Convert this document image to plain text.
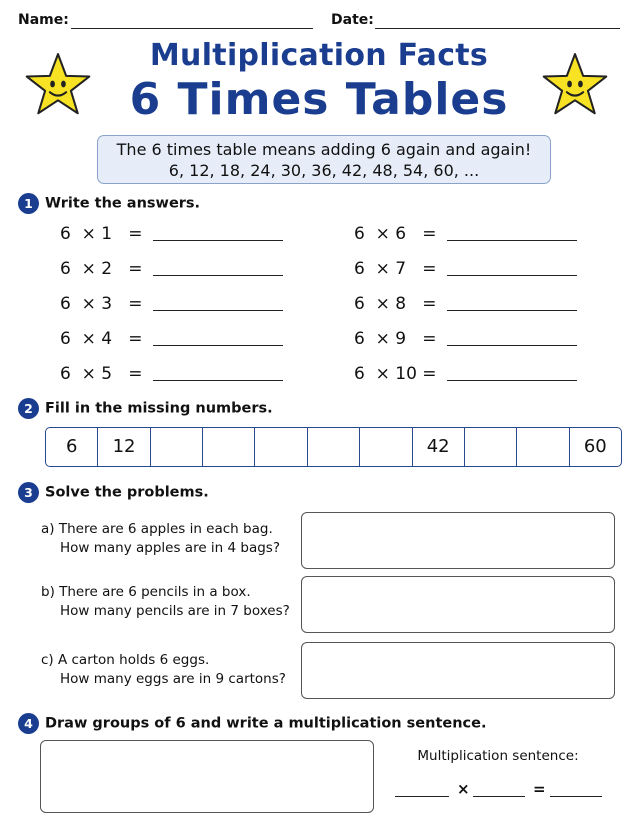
Name:	Date:
Multiplication Facts
6 Times Tables
The 6 times table means adding 6 again and again!
6, 12, 18, 24, 30, 36, 42, 48, 54, 60, ...
1 Write the answers.
6  × 1   =
6  × 2   =
6  × 3   =
6  × 4   =
6  × 5   =
6  × 6   =
6  × 7   =
6  × 8   =
6  × 9   =
6  × 10 =
2 Fill in the missing numbers.
6	12	42	60
3 Solve the problems.
a) There are 6 apples in each bag.
How many apples are in 4 bags?
b) There are 6 pencils in a box.
How many pencils are in 7 boxes?
c) A carton holds 6 eggs.
How many eggs are in 9 cartons?
4 Draw groups of 6 and write a multiplication sentence.
Multiplication sentence:
×	=
